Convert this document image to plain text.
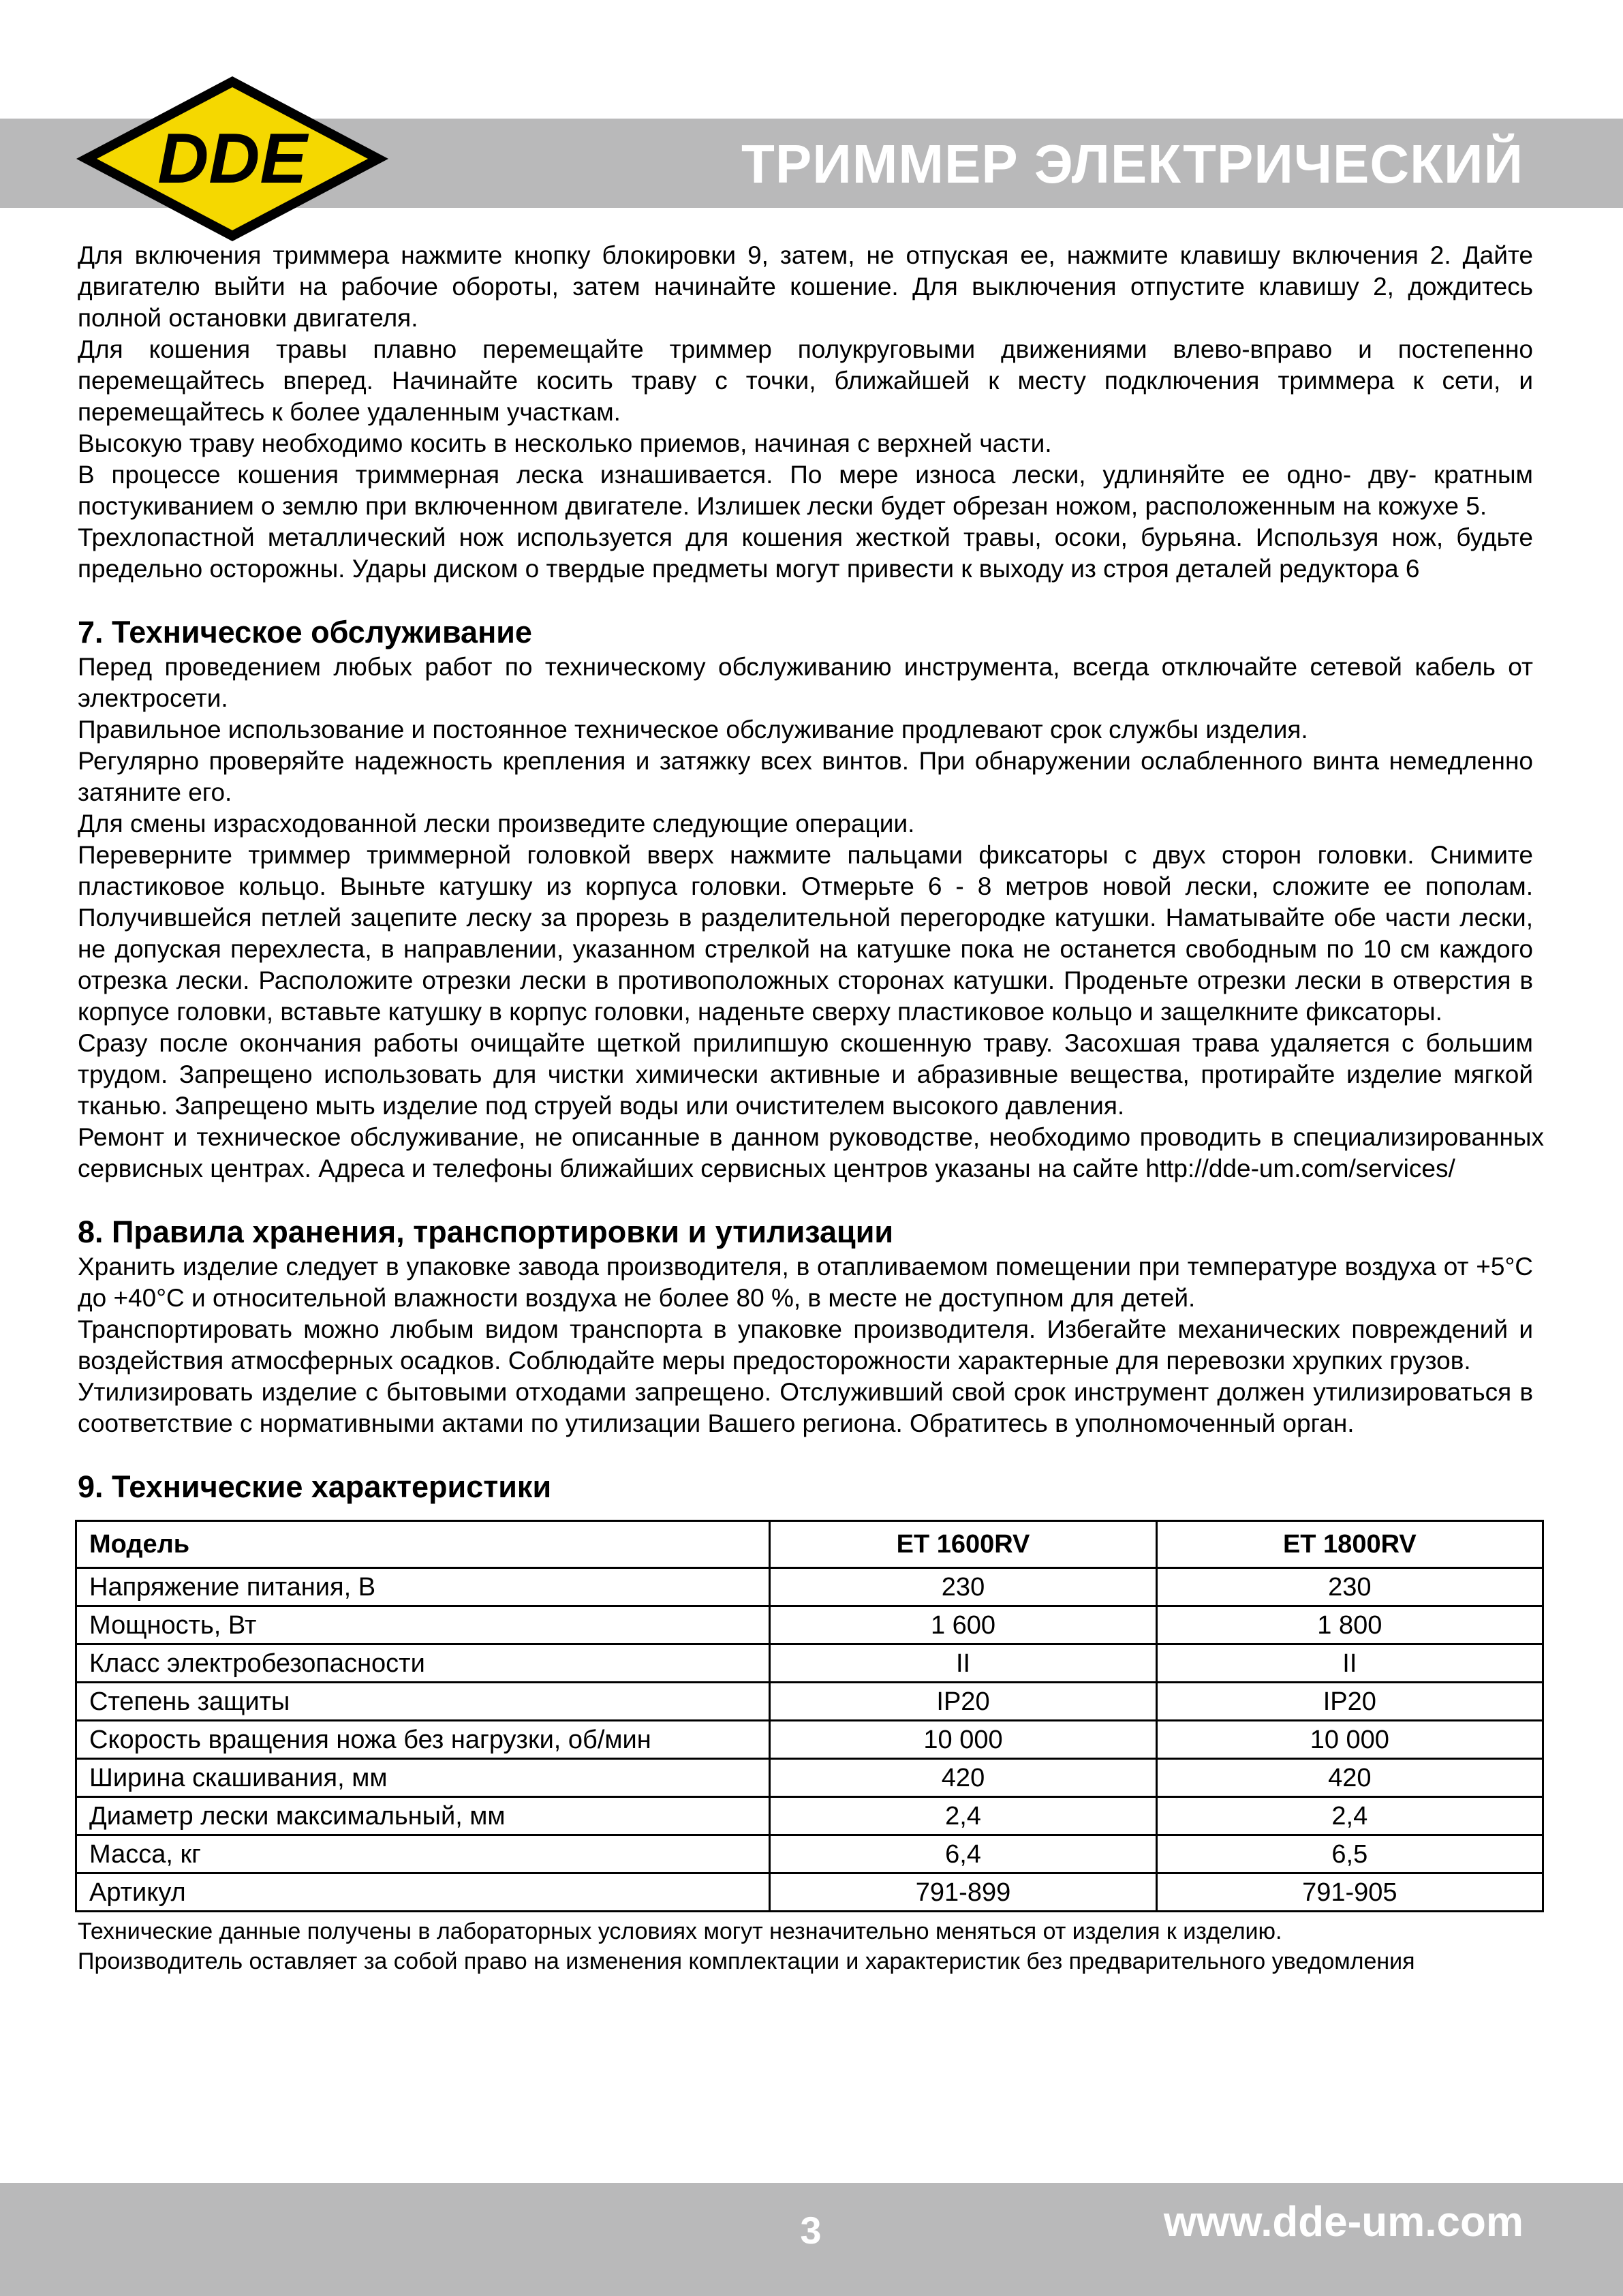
DDE	ТРИММЕР ЭЛЕКТРИЧЕСКИЙ

Для включения триммера нажмите кнопку блокировки 9, затем, не отпуская ее, нажмите клавишу включения 2. Дайте двигателю выйти на рабочие обороты, затем начинайте кошение. Для выключения отпустите клавишу 2, дождитесь полной остановки двигателя.

Для кошения травы плавно перемещайте триммер полукруговыми движениями влево-вправо и постепенно перемещайтесь вперед. Начинайте косить траву с точки, ближайшей к месту подключения триммера к сети, и перемещайтесь к более удаленным участкам.

Высокую траву необходимо косить в несколько приемов, начиная с верхней части.

В процессе кошения триммерная леска изнашивается. По мере износа лески, удлиняйте ее одно- дву- кратным постукиванием о землю при включенном двигателе. Излишек лески будет обрезан ножом, расположенным на кожухе 5.

Трехлопастной металлический нож используется для кошения жесткой травы, осоки, бурьяна. Используя нож, будьте предельно осторожны. Удары диском о твердые предметы могут привести к выходу из строя деталей редуктора 6

7. Техническое обслуживание

Перед проведением любых работ по техническому обслуживанию инструмента, всегда отключайте сетевой кабель от электросети.

Правильное использование и постоянное техническое обслуживание продлевают срок службы изделия.

Регулярно проверяйте надежность крепления и затяжку всех винтов. При обнаружении ослабленного винта немедленно затяните его.

Для смены израсходованной лески произведите следующие операции.

Переверните триммер триммерной головкой вверх нажмите пальцами фиксаторы с двух сторон головки. Снимите пластиковое кольцо. Выньте катушку из корпуса головки. Отмерьте 6 - 8 метров новой лески, сложите ее пополам. Получившейся петлей зацепите леску за прорезь в разделительной перегородке катушки. Наматывайте обе части лески, не допуская перехлеста, в направлении, указанном стрелкой на катушке пока не останется свободным по 10 см каждого отрезка лески. Расположите отрезки лески в противоположных сторонах катушки. Проденьте отрезки лески в отверстия в корпусе головки, вставьте катушку в корпус головки, наденьте сверху пластиковое кольцо и защелкните фиксаторы.

Сразу после окончания работы очищайте щеткой прилипшую скошенную траву. Засохшая трава удаляется с большим трудом. Запрещено использовать для чистки химически активные и абразивные вещества, протирайте изделие мягкой тканью. Запрещено мыть изделие под струей воды или очистителем высокого давления.

Ремонт и техническое обслуживание, не описанные в данном руководстве, необходимо проводить в специализированных сервисных центрах. Адреса и телефоны ближайших сервисных центров указаны на сайте http://dde-um.com/services/

8. Правила хранения, транспортировки и утилизации

Хранить изделие следует в упаковке завода производителя, в отапливаемом помещении при температуре воздуха от +5°C до +40°C и относительной влажности воздуха не более 80 %, в месте не доступном для детей.

Транспортировать можно любым видом транспорта в упаковке производителя. Избегайте механических повреждений и воздействия атмосферных осадков. Соблюдайте меры предосторожности характерные для перевозки хрупких грузов.

Утилизировать изделие с бытовыми отходами запрещено. Отслуживший свой срок инструмент должен утилизироваться в соответствие с нормативными актами по утилизации Вашего региона. Обратитесь в уполномоченный орган.

9. Технические характеристики
Модель	ET 1600RV	ET 1800RV
Напряжение питания, В	230	230
Мощность, Вт	1 600	1 800
Класс электробезопасности	II	II
Степень защиты	IP20	IP20
Скорость вращения ножа без нагрузки, об/мин	10 000	10 000
Ширина скашивания, мм	420	420
Диаметр лески максимальный, мм	2,4	2,4
Масса, кг	6,4	6,5
Артикул	791-899	791-905
Технические данные получены в лабораторных условиях могут незначительно меняться от изделия к изделию.
Производитель оставляет за собой право на изменения комплектации и характеристик без предварительного уведомления
3	www.dde-um.com
